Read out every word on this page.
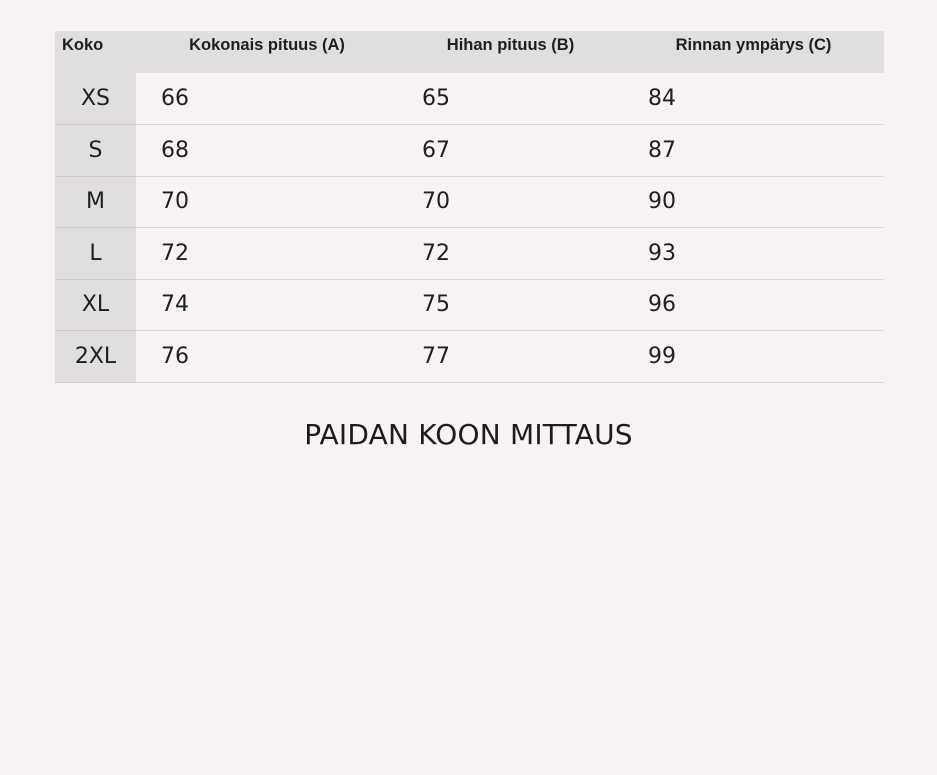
Koko	Kokonais pituus (A)	Hihan pituus (B)	Rinnan ympärys (C)
XS	66	65	84
S	68	67	87
M	70	70	90
L	72	72	93
XL	74	75	96
2XL	76	77	99
PAIDAN KOON MITTAUS
